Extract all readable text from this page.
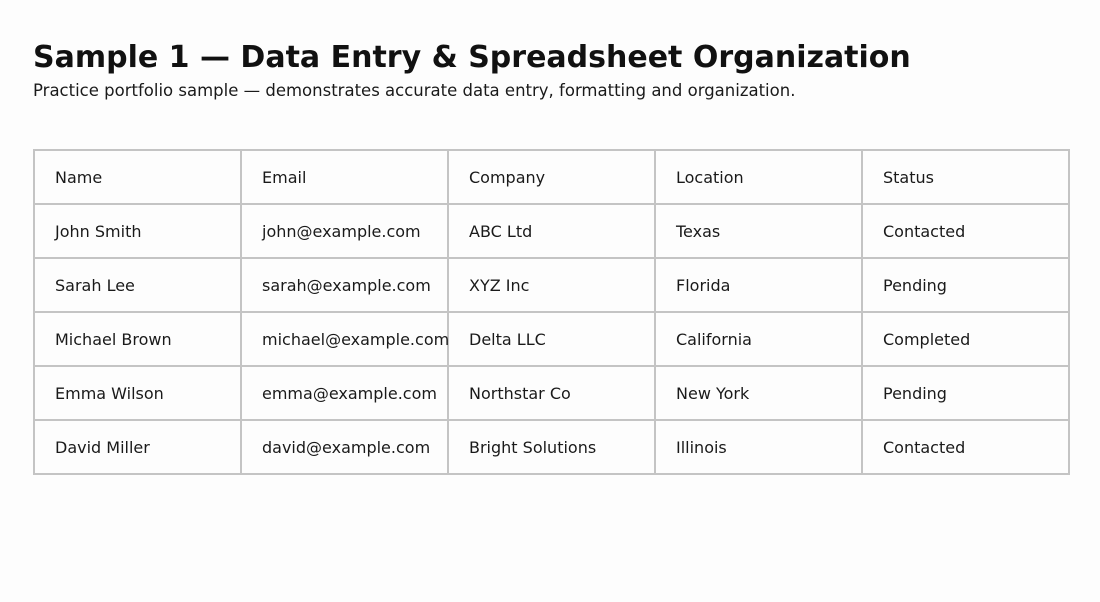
Sample 1 — Data Entry & Spreadsheet Organization

Practice portfolio sample — demonstrates accurate data entry, formatting and organization.

Name	Email	Company	Location	Status
John Smith	john@example.com	ABC Ltd	Texas	Contacted
Sarah Lee	sarah@example.com	XYZ Inc	Florida	Pending
Michael Brown	michael@example.com	Delta LLC	California	Completed
Emma Wilson	emma@example.com	Northstar Co	New York	Pending
David Miller	david@example.com	Bright Solutions	Illinois	Contacted
